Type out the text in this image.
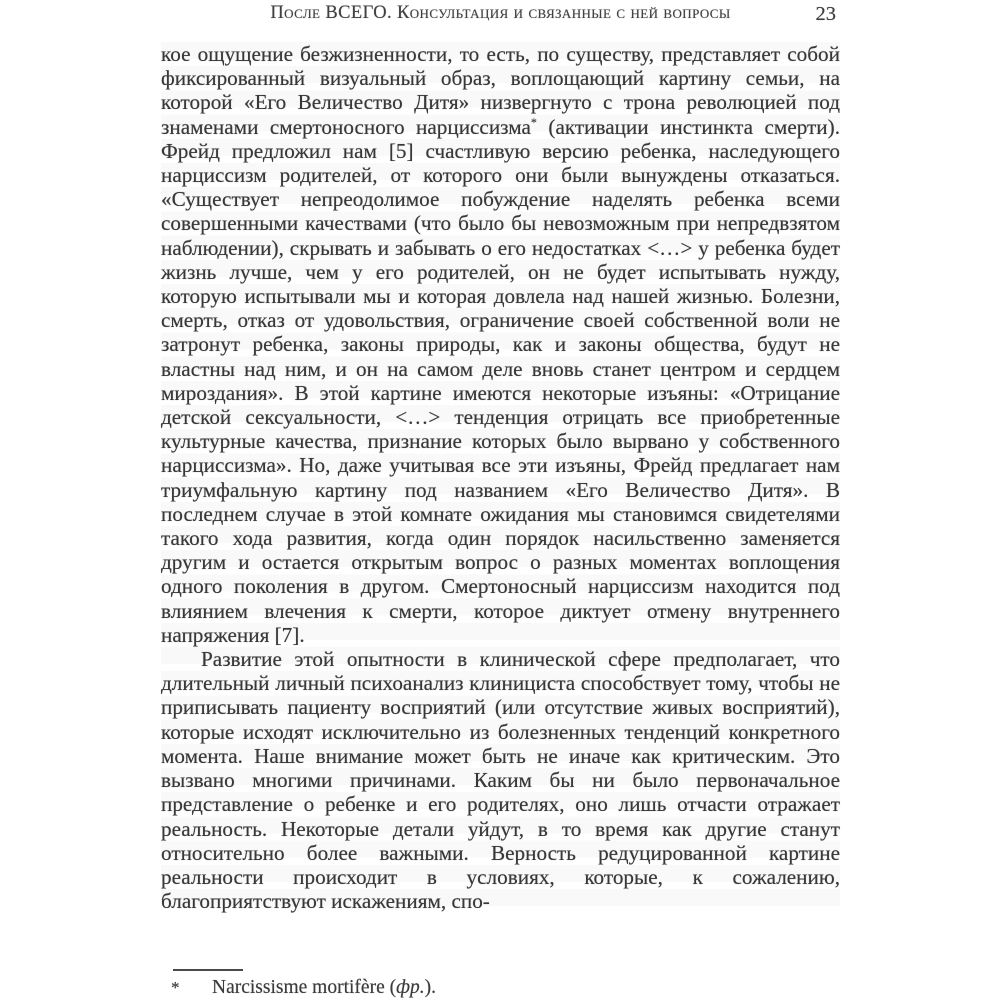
После ВСЕГО. Консультация и связанные с ней вопросы	23

кое ощущение безжизненности, то есть, по существу, представляет собой фиксированный визуальный образ, воплощающий картину семьи, на которой «Его Величество Дитя» низвергнуто с трона революцией под знаменами смертоносного нарциссизма* (активации инстинкта смерти). Фрейд предложил нам [5] счастливую версию ребенка, наследующего нарциссизм родителей, от которого они были вынуждены отказаться. «Существует непреодолимое побуждение наделять ребенка всеми совершенными качествами (что было бы невозможным при непредвзятом наблюдении), скрывать и забывать о его недостатках <…> у ребенка будет жизнь лучше, чем у его родителей, он не будет испытывать нужду, которую испытывали мы и которая довлела над нашей жизнью. Болезни, смерть, отказ от удовольствия, ограничение своей собственной воли не затронут ребенка, законы природы, как и законы общества, будут не властны над ним, и он на самом деле вновь станет центром и сердцем мироздания». В этой картине имеются некоторые изъяны: «Отрицание детской сексуальности, <…> тенденция отрицать все приобретенные культурные качества, признание которых было вырвано у собственного нарциссизма». Но, даже учитывая все эти изъяны, Фрейд предлагает нам триумфальную картину под названием «Его Величество Дитя». В последнем случае в этой комнате ожидания мы становимся свидетелями такого хода развития, когда один порядок насильственно заменяется другим и остается открытым вопрос о разных моментах воплощения одного поколения в другом. Смертоносный нарциссизм находится под влиянием влечения к смерти, которое диктует отмену внутреннего напряжения [7].

Развитие этой опытности в клинической сфере предполагает, что длительный личный психоанализ клинициста способствует тому, чтобы не приписывать пациенту восприятий (или отсутствие живых восприятий), которые исходят исключительно из болезненных тенденций конкретного момента. Наше внимание может быть не иначе как критическим. Это вызвано многими причинами. Каким бы ни было первоначальное представление о ребенке и его родителях, оно лишь отчасти отражает реальность. Некоторые детали уйдут, в то время как другие станут относительно более важными. Верность редуцированной картине реальности происходит в условиях, которые, к сожалению, благоприятствуют искажениям, спо-

*	Narcissisme mortifère (фр.).
